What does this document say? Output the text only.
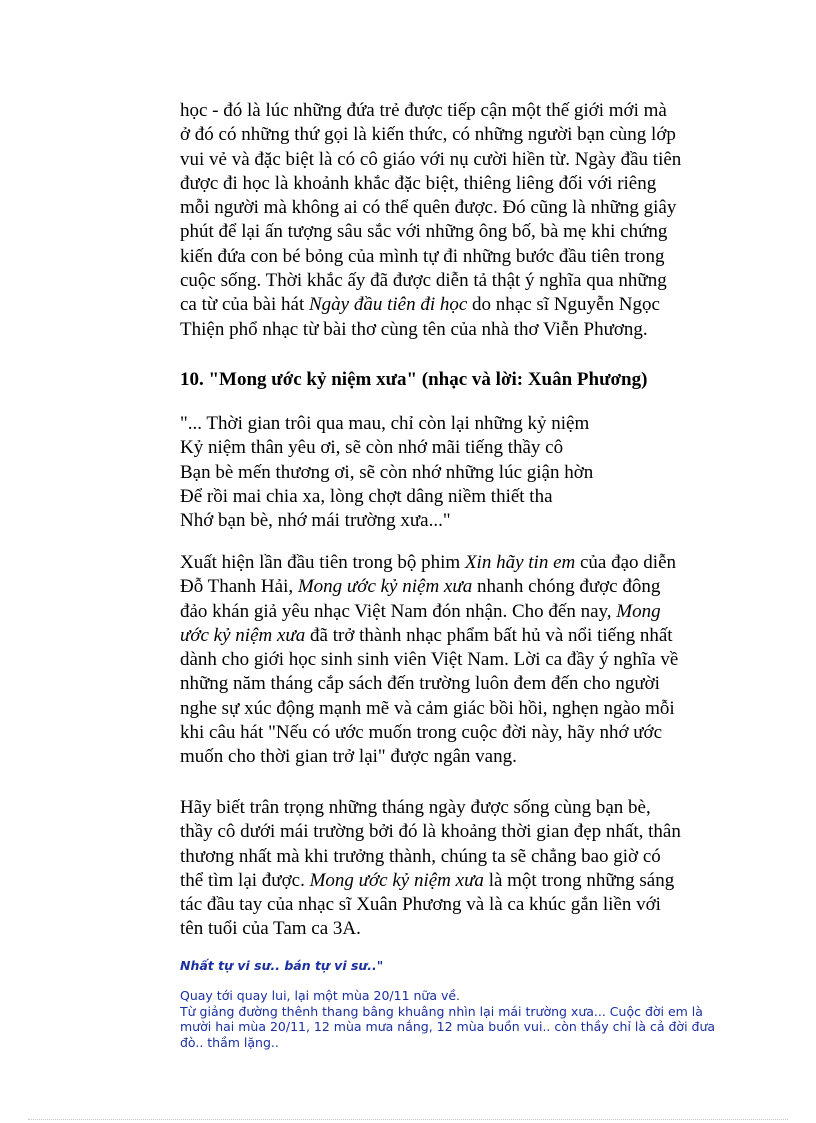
học - đó là lúc những đứa trẻ được tiếp cận một thế giới mới mà
ở đó có những thứ gọi là kiến thức, có những người bạn cùng lớp
vui vẻ và đặc biệt là có cô giáo với nụ cười hiền từ. Ngày đầu tiên
được đi học là khoảnh khắc đặc biệt, thiêng liêng đối với riêng
mỗi người mà không ai có thể quên được. Đó cũng là những giây
phút để lại ấn tượng sâu sắc với những ông bố, bà mẹ khi chứng
kiến đứa con bé bỏng của mình tự đi những bước đầu tiên trong
cuộc sống. Thời khắc ấy đã được diễn tả thật ý nghĩa qua những
ca từ của bài hát Ngày đầu tiên đi học do nhạc sĩ Nguyễn Ngọc
Thiện phổ nhạc từ bài thơ cùng tên của nhà thơ Viễn Phương.
10. "Mong ước kỷ niệm xưa" (nhạc và lời: Xuân Phương)
"... Thời gian trôi qua mau, chỉ còn lại những kỷ niệm
Kỷ niệm thân yêu ơi, sẽ còn nhớ mãi tiếng thầy cô
Bạn bè mến thương ơi, sẽ còn nhớ những lúc giận hờn
Để rồi mai chia xa, lòng chợt dâng niềm thiết tha
Nhớ bạn bè, nhớ mái trường xưa..."
Xuất hiện lần đầu tiên trong bộ phim Xin hãy tin em của đạo diễn
Đỗ Thanh Hải, Mong ước kỷ niệm xưa nhanh chóng được đông
đảo khán giả yêu nhạc Việt Nam đón nhận. Cho đến nay, Mong
ước kỷ niệm xưa đã trở thành nhạc phẩm bất hủ và nổi tiếng nhất
dành cho giới học sinh sinh viên Việt Nam. Lời ca đầy ý nghĩa về
những năm tháng cắp sách đến trường luôn đem đến cho người
nghe sự xúc động mạnh mẽ và cảm giác bồi hồi, nghẹn ngào mỗi
khi câu hát "Nếu có ước muốn trong cuộc đời này, hãy nhớ ước
muốn cho thời gian trở lại" được ngân vang.
Hãy biết trân trọng những tháng ngày được sống cùng bạn bè,
thầy cô dưới mái trường bởi đó là khoảng thời gian đẹp nhất, thân
thương nhất mà khi trưởng thành, chúng ta sẽ chẳng bao giờ có
thể tìm lại được. Mong ước kỷ niệm xưa là một trong những sáng
tác đầu tay của nhạc sĩ Xuân Phương và là ca khúc gắn liền với
tên tuổi của Tam ca 3A.
Nhất tự vi sư.. bán tự vi sư.."
Quay tới quay lui, lại một mùa 20/11 nữa về.
Từ giảng đường thênh thang bâng khuâng nhìn lại mái trường xưa... Cuộc đời em là
mười hai mùa 20/11, 12 mùa mưa nắng, 12 mùa buồn vui.. còn thầy chỉ là cả đời đưa
đò.. thầm lặng..
